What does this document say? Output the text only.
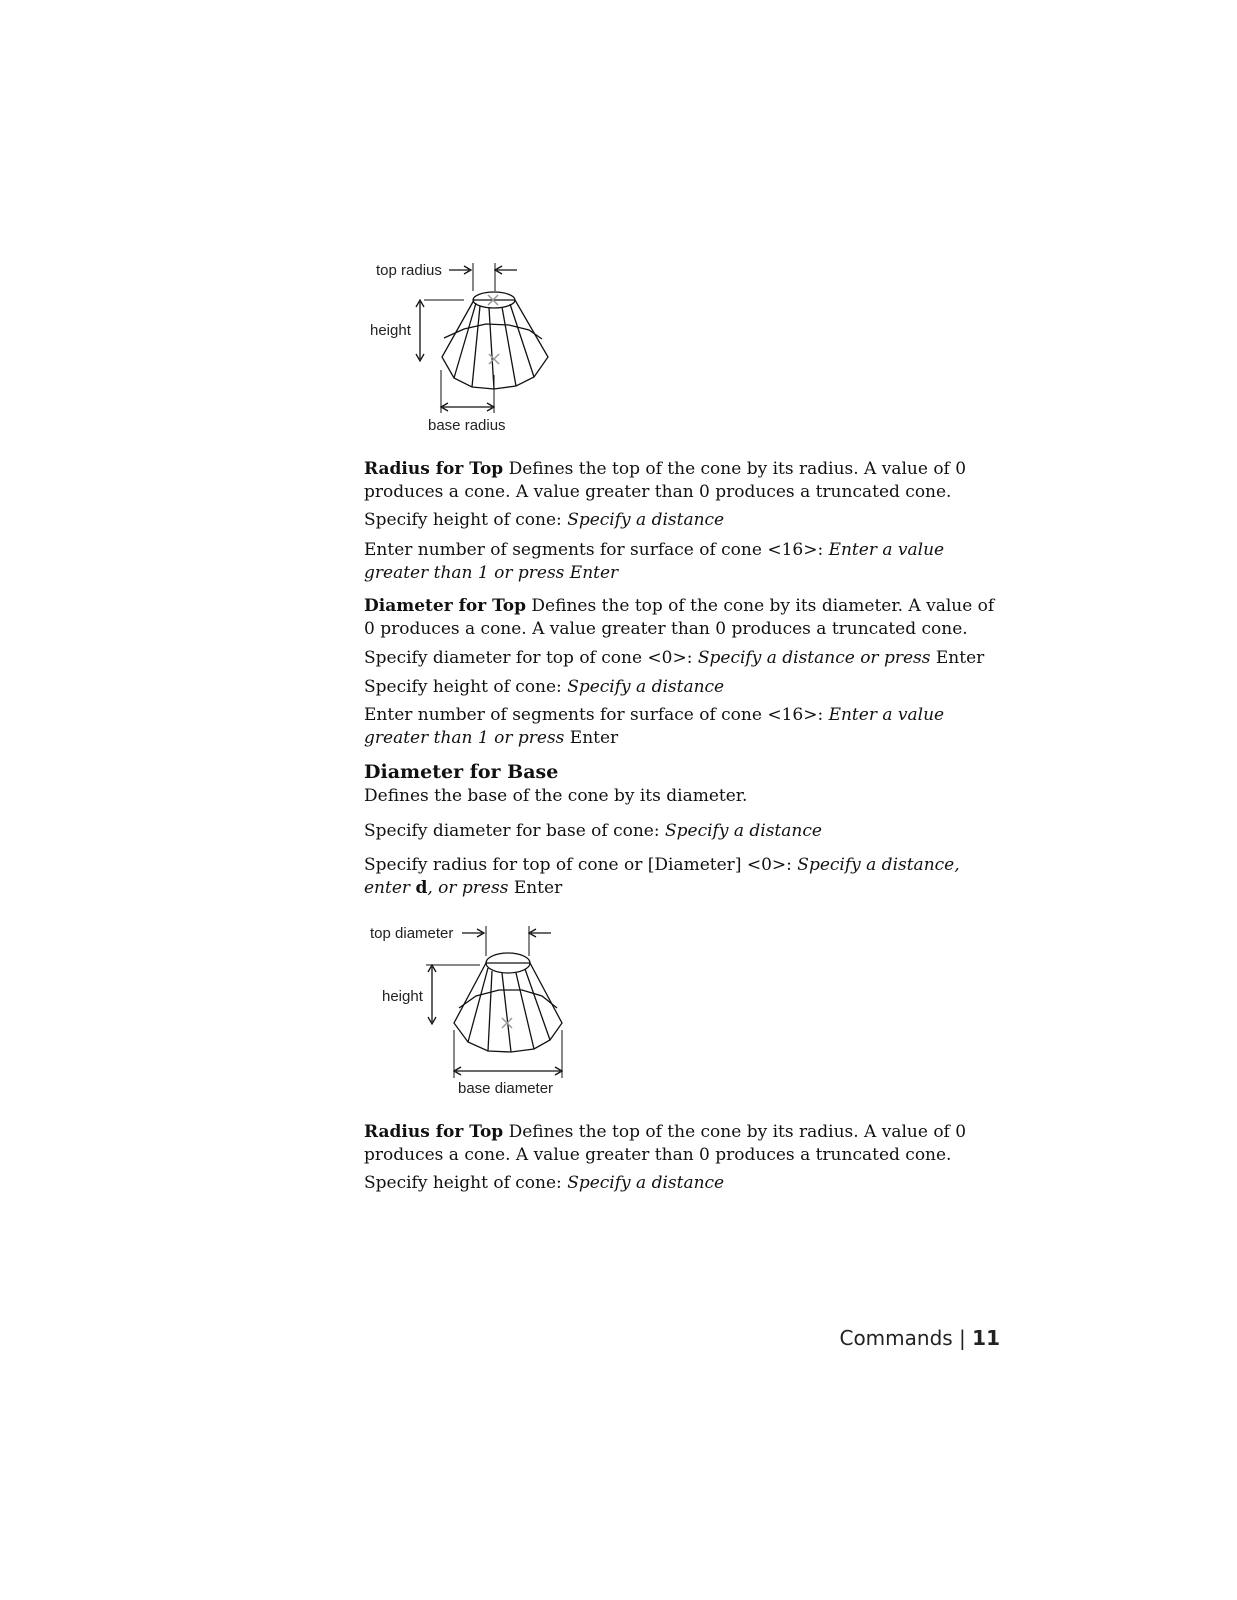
top radius
height
base radius

Radius for Top Defines the top of the cone by its radius. A value of 0 produces a cone. A value greater than 0 produces a truncated cone.

Specify height of cone: Specify a distance

Enter number of segments for surface of cone <16>: Enter a value greater than 1 or press Enter

Diameter for Top Defines the top of the cone by its diameter. A value of 0 produces a cone. A value greater than 0 produces a truncated cone.

Specify diameter for top of cone <0>: Specify a distance or press Enter

Specify height of cone: Specify a distance

Enter number of segments for surface of cone <16>: Enter a value greater than 1 or press Enter

Diameter for Base

Defines the base of the cone by its diameter.

Specify diameter for base of cone: Specify a distance

Specify radius for top of cone or [Diameter] <0>: Specify a distance, enter d, or press Enter

Radius for Top Defines the top of the cone by its radius. A value of 0 produces a cone. A value greater than 0 produces a truncated cone.

Specify height of cone: Specify a distance

top diameter
height
base diameter
Commands | 11
